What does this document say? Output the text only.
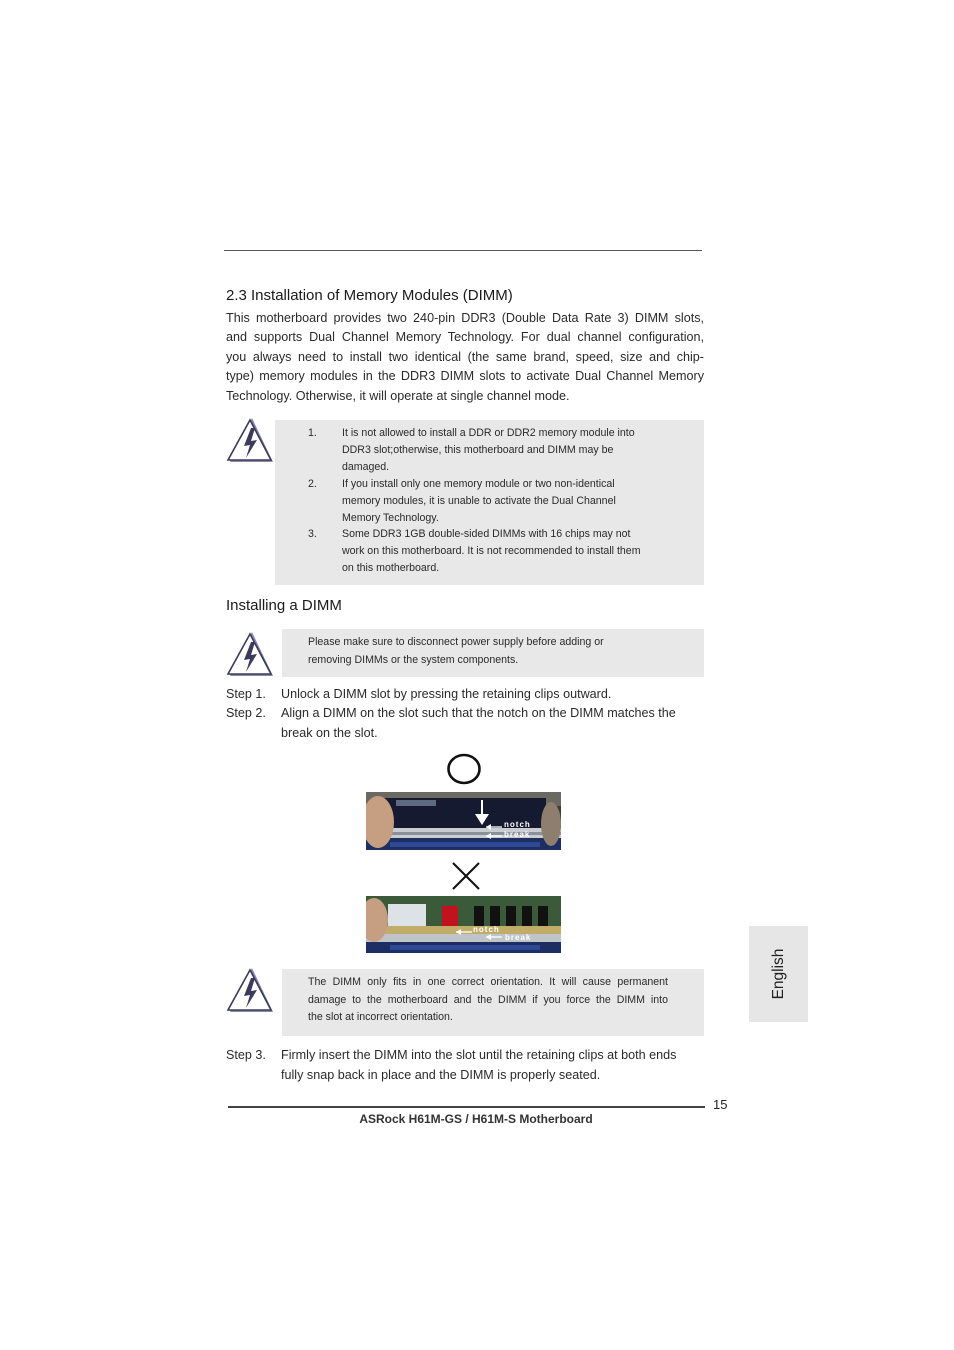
2.3 Installation of Memory Modules (DIMM)
This motherboard provides two 240-pin DDR3 (Double Data Rate 3) DIMM slots,
and supports Dual Channel Memory Technology. For dual channel configuration,
you always need to install two identical (the same brand, speed, size and chip-
type) memory modules in the DDR3 DIMM slots to activate Dual Channel Memory
Technology. Otherwise, it will operate at single channel mode.
1. It is not allowed to install a DDR or DDR2 memory module into
DDR3 slot;otherwise, this motherboard and DIMM may be
damaged.
2. If you install only one memory module or two non-identical
memory modules, it is unable to activate the Dual Channel
Memory Technology.
3. Some DDR3 1GB double-sided DIMMs with 16 chips may not
work on this motherboard. It is not recommended to install them
on this motherboard.
Installing a DIMM
Please make sure to disconnect power supply before adding or
removing DIMMs or the system components.
Step 1. Unlock a DIMM slot by pressing the retaining clips outward.
Step 2. Align a DIMM on the slot such that the notch on the DIMM matches the
break on the slot.
notch
break
notch
break
The DIMM only fits in one correct orientation. It will cause permanent
damage to the motherboard and the DIMM if you force the DIMM into
the slot at incorrect orientation.
Step 3. Firmly insert the DIMM into the slot until the retaining clips at both ends
fully snap back in place and the DIMM is properly seated.
English
15
ASRock H61M-GS / H61M-S Motherboard
